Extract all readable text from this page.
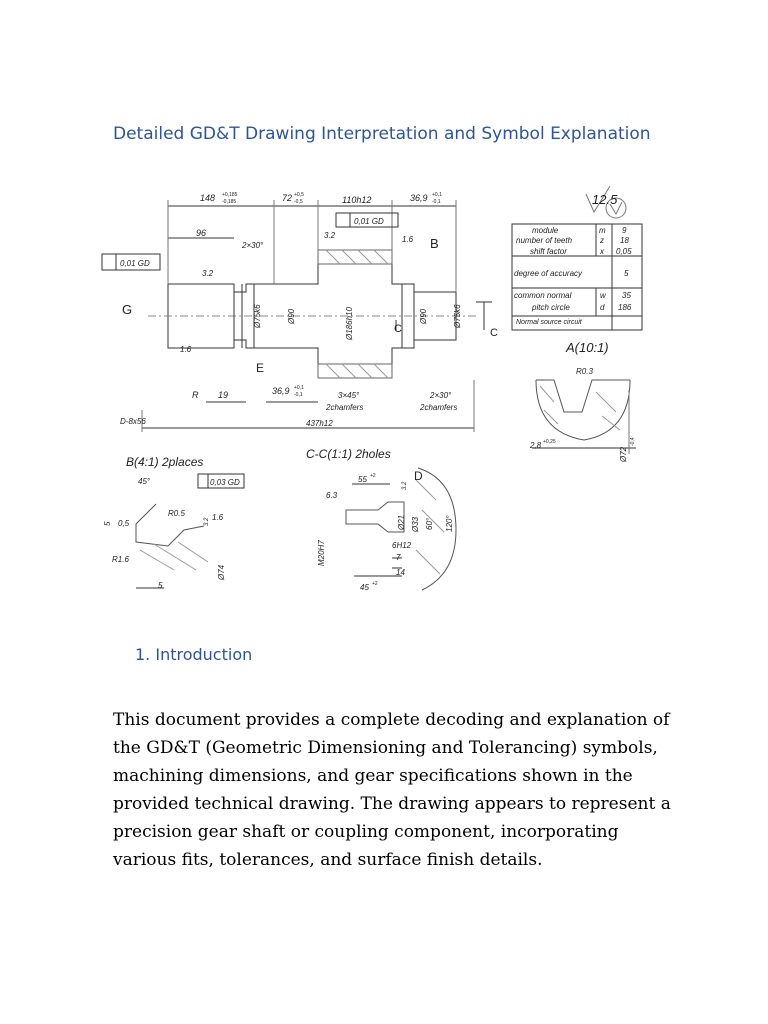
Detailed GD&T Drawing Interpretation and Symbol Explanation
148 +0,185
-0,185	72 +0,5
-0,5	110h12	36,9 +0,1
-0,1	12.5
0,01 GD
96
2×30°
3.2	1.6 B
0,01 GD
3.2
G
1.6
C	C
E
Ø75k6	Ø90	Ø186h10	Ø90	Ø75k6
module	m 9
number of teeth	z 18
shift factor	x 0,05
degree of accuracy	5
common normal	w 35
pitch circle	d 186
Normal source circuit
R 19	36,9 +0,1
-0,1	3×45°
2chamfers
2×30°
2chamfers
437h12
D-8x56
A(10:1)
R0.3
2,8 +0,25
Ø72
-0,4
B(4:1) 2places
45°	0,03 GD
R0.5
0,5
5
1.6
3.2
R1.6
Ø74
5
C-C(1:1) 2holes
55 +2	D
6.3
3.2
Ø21 Ø33 60° 120°
M20H7	6H12
7
14
45 +2
1. Introduction

This document provides a complete decoding and explanation of the GD&T (Geometric Dimensioning and Tolerancing) symbols, machining dimensions, and gear specifications shown in the provided technical drawing. The drawing appears to represent a precision gear shaft or coupling component, incorporating various fits, tolerances, and surface finish details.
